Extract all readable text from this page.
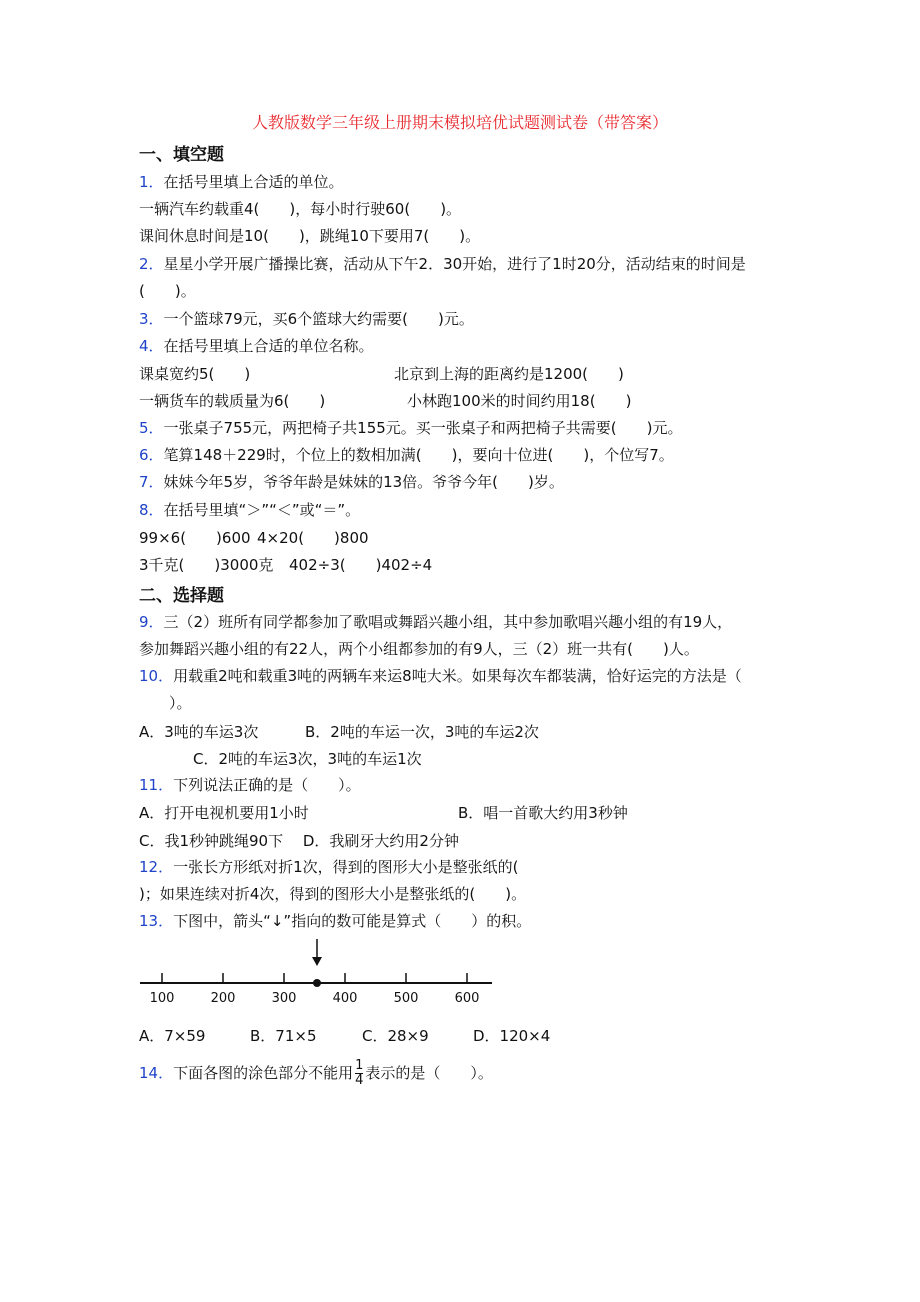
人教版数学三年级上册期末模拟培优试题测试卷（带答案）
一、填空题
1．在括号里填上合适的单位。
一辆汽车约载重4(　　)，每小时行驶60(　　)。
课间休息时间是10(　　)，跳绳10下要用7(　　)。
2．星星小学开展广播操比赛，活动从下午2．30开始，进行了1时20分，活动结束的时间是
(　　)。
3．一个篮球79元，买6个篮球大约需要(　　)元。
4．在括号里填上合适的单位名称。
课桌宽约5(　　)	北京到上海的距离约是1200(　　)
一辆货车的载质量为6(　　)	小林跑100米的时间约用18(　　)
5．一张桌子755元，两把椅子共155元。买一张桌子和两把椅子共需要(　　)元。
6．笔算148＋229时，个位上的数相加满(　　)，要向十位进(　　)，个位写7。
7．妹妹今年5岁，爷爷年龄是妹妹的13倍。爷爷今年(　　)岁。
8．在括号里填“＞”“＜”或“＝”。
99×6(　　)600 4×20(　　)800
3千克(　　)3000克 402÷3(　　)402÷4
二、选择题
9．三（2）班所有同学都参加了歌唱或舞蹈兴趣小组，其中参加歌唱兴趣小组的有19人，
参加舞蹈兴趣小组的有22人，两个小组都参加的有9人，三（2）班一共有(　　)人。
10．用载重2吨和载重3吨的两辆车来运8吨大米。如果每次车都装满，恰好运完的方法是（
　　）。
A．3吨的车运3次	B．2吨的车运一次，3吨的车运2次
C．2吨的车运3次，3吨的车运1次
11．下列说法正确的是（　　）。
A．打开电视机要用1小时	B．唱一首歌大约用3秒钟
C．我1秒钟跳绳90下　 D．我刷牙大约用2分钟
12．一张长方形纸对折1次，得到的图形大小是整张纸的(
)；如果连续对折4次，得到的图形大小是整张纸的(　　)。
13．下图中，箭头“↓”指向的数可能是算式（　　）的积。
100	200	300	400	500	600
A．7×59	B．71×5	C．28×9	D．120×4
14．下面各图的涂色部分不能用 $\frac{1}{4}$ 表示的是（　　）。
